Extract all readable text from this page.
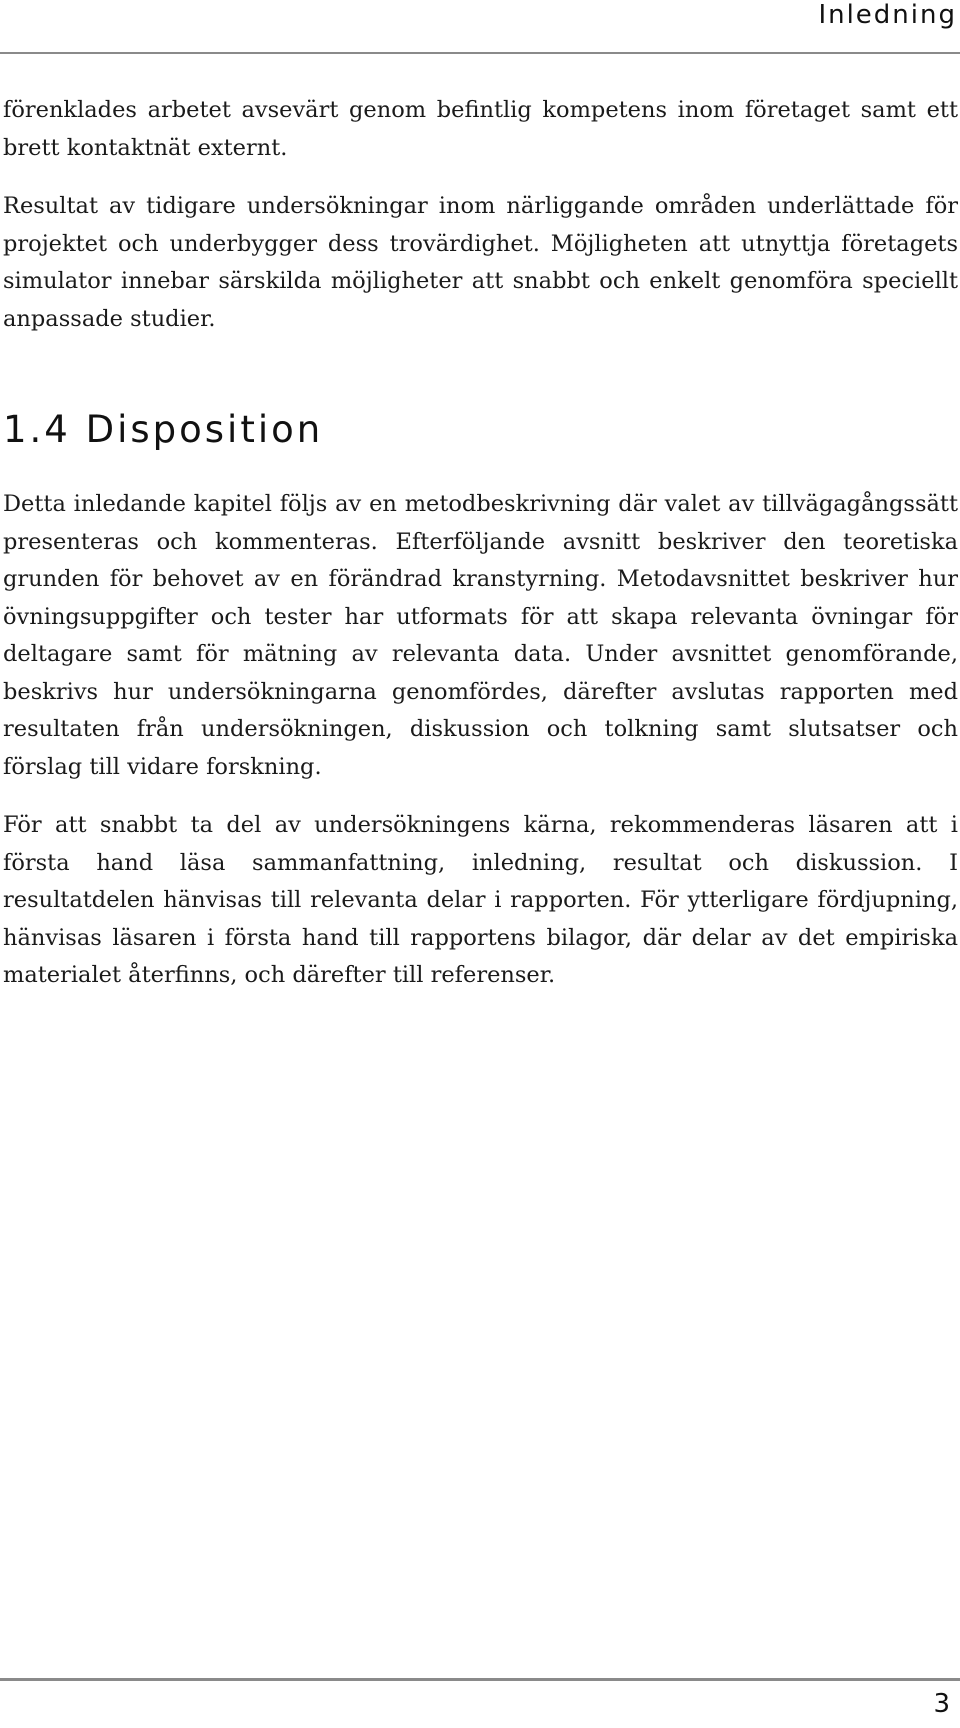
Inledning

förenklades arbetet avsevärt genom befintlig kompetens inom företaget samt ett brett kontaktnät externt.

Resultat av tidigare undersökningar inom närliggande områden underlättade för projektet och underbygger dess trovärdighet. Möjligheten att utnyttja företagets simulator innebar särskilda möjligheter att snabbt och enkelt genomföra speciellt anpassade studier.

1.4 Disposition

Detta inledande kapitel följs av en metodbeskrivning där valet av tillvägagångssätt presenteras och kommenteras. Efterföljande avsnitt beskriver den teoretiska grunden för behovet av en förändrad kranstyrning. Metodavsnittet beskriver hur övningsuppgifter och tester har utformats för att skapa relevanta övningar för deltagare samt för mätning av relevanta data. Under avsnittet genomförande, beskrivs hur undersökningarna genomfördes, därefter avslutas rapporten med resultaten från undersökningen, diskussion och tolkning samt slutsatser och förslag till vidare forskning.

För att snabbt ta del av undersökningens kärna, rekommenderas läsaren att i första hand läsa sammanfattning, inledning, resultat och diskussion. I resultatdelen hänvisas till relevanta delar i rapporten. För ytterligare fördjupning, hänvisas läsaren i första hand till rapportens bilagor, där delar av det empiriska materialet återfinns, och därefter till referenser.

3
